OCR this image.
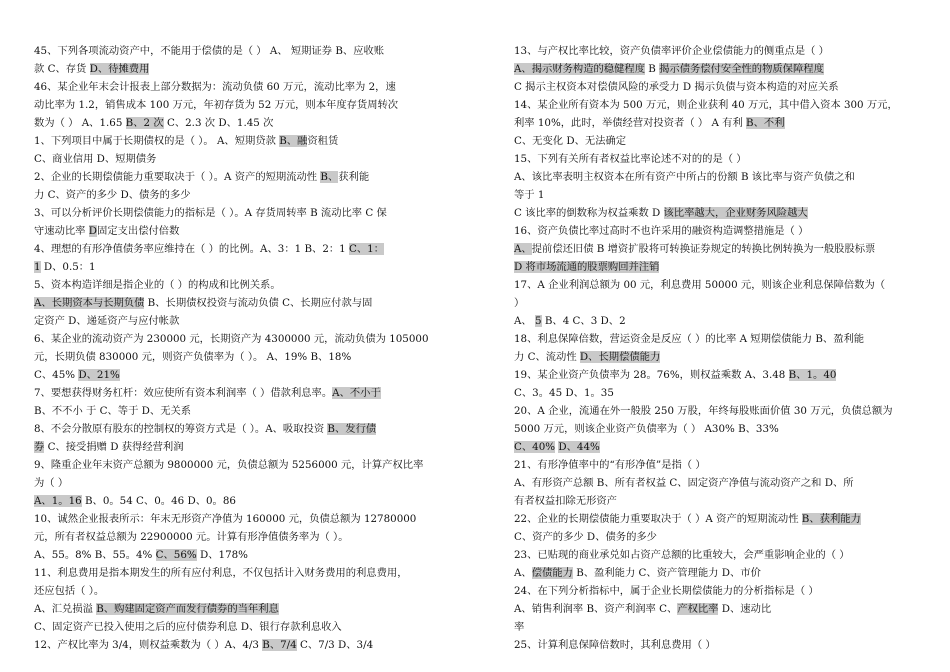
45、下列各项流动资产中，不能用于偿债的是（ ） A、 短期证券 B、应收账
款 C、存货 D、待摊费用
46、某企业年末会计报表上部分数据为：流动负债 60 万元，流动比率为 2，速
动比率为 1.2，销售成本 100 万元，年初存货为 52 万元，则本年度存货周转次
数为（ ） A、1.65 B、2 次 C、2.3 次 D、1.45 次
1、下列项目中属于长期债权的是（ ）。 A、短期贷款 B、融资租赁
C、商业信用 D、短期债务
2、企业的长期偿债能力重要取决于（ ）。A 资产的短期流动性 B、获利能
力 C、资产的多少 D、债务的多少
3、可以分析评价长期偿债能力的指标是（ ）。A 存货周转率 B 流动比率 C 保
守速动比率 D固定支出偿付倍数
4、理想的有形净值债务率应维持在（ ）的比例。A、3：1 B、2：1 C、1：
1 D、0.5：1
5、资本构造详细是指企业的（ ）的构成和比例关系。
A、长期资本与长期负债 B、长期债权投资与流动负债 C、长期应付款与固
定资产 D、递延资产与应付帐款
6、某企业的流动资产为 230000 元，长期资产为 4300000 元，流动负债为 105000
元，长期负债 830000 元，则资产负债率为（ ）。 A、19% B、18%
C、45% D、21%
7、要想获得财务杠杆：效应使所有资本利润率（ ）借款利息率。A、不小于
B、不不小 于 C、等于 D、无关系
8、不会分散原有股东的控制权的筹资方式是（ ）。A、吸取投资 B、发行债
券 C、接受捐赠 D 获得经营利润
9、隆重企业年末资产总额为 9800000 元，负债总额为 5256000 元，计算产权比率
为（ ）
A、1。16 B、0。54 C、0。46 D、0。86
10、诚然企业报表所示：年末无形资产净值为 160000 元，负债总额为 12780000
元，所有者权益总额为 22900000 元。计算有形净值债务率为（ ）。
A、55。8% B、55。4% C、56% D、178%
11、利息费用是指本期发生的所有应付利息，不仅包括计入财务费用的利息费用，
还应包括（ ）。
A、汇兑损溢 B、购建固定资产而发行债券的当年利息
C、固定资产已投入使用之后的应付债券利息 D、银行存款利息收入
12、产权比率为 3/4，则权益乘数为（ ）A、4/3 B、7/4 C、7/3 D、3/4
13、与产权比率比较，资产负债率评价企业偿债能力的侧重点是（ ）
A、揭示财务构造的稳健程度 B 揭示债务偿付安全性的物质保障程度
C 揭示主权资本对偿债风险的承受力 D 揭示负债与资本构造的对应关系
14、某企业所有资本为 500 万元，则企业获利 40 万元，其中借入资本 300 万元，
利率 10%，此时，举债经营对投资者（ ） A 有利 B、不利
C、无变化 D、无法确定
15、下列有关所有者权益比率论述不对的的是（ ）
A、该比率表明主权资本在所有资产中所占的份额 B 该比率与资产负债之和
等于 1
C 该比率的倒数称为权益乘数 D 该比率越大，企业财务风险越大
16、资产负债比率过高时不也许采用的融资构造调整措施是（ ）
A、提前偿还旧债 B 增资扩股将可转换证券规定的转换比例转换为一般股股标票
D 将市场流通的股票购回并注销
17、A 企业利润总额为 00 元，利息费用 50000 元，则该企业利息保障倍数为（
）
A、 5 B、4 C、3 D、2
18、利息保障倍数，营运资金是反应（ ）的比率 A 短期偿债能力 B、盈利能
力 C、流动性 D、长期偿债能力
19、某企业资产负债率为 28。76%，则权益乘数 A、3.48 B、1。40
C、3。45 D、1。35
20、A 企业，流通在外一般股 250 万股，年终每股账面价值 30 万元，负债总额为
5000 万元，则该企业资产负债率为（ ） A30% B、33%
C、40% D、44%
21、有形净值率中的“有形净值”是指（ ）
A、有形资产总额 B、所有者权益 C、固定资产净值与流动资产之和 D、所
有者权益扣除无形资产
22、企业的长期偿债能力重要取决于（ ）A 资产的短期流动性 B、获利能力
C、资产的多少 D、债务的多少
23、已贴现的商业承兑如占资产总额的比重较大，会严重影响企业的（ ）
A、偿债能力 B、盈利能力 C、资产管理能力 D、市价
24、在下列分析指标中，属于企业长期偿债能力的分析指标是（ ）
A、销售利润率 B、资产利润率 C、产权比率 D、速动比
率
25、计算利息保障倍数时，其利息费用（ ）
